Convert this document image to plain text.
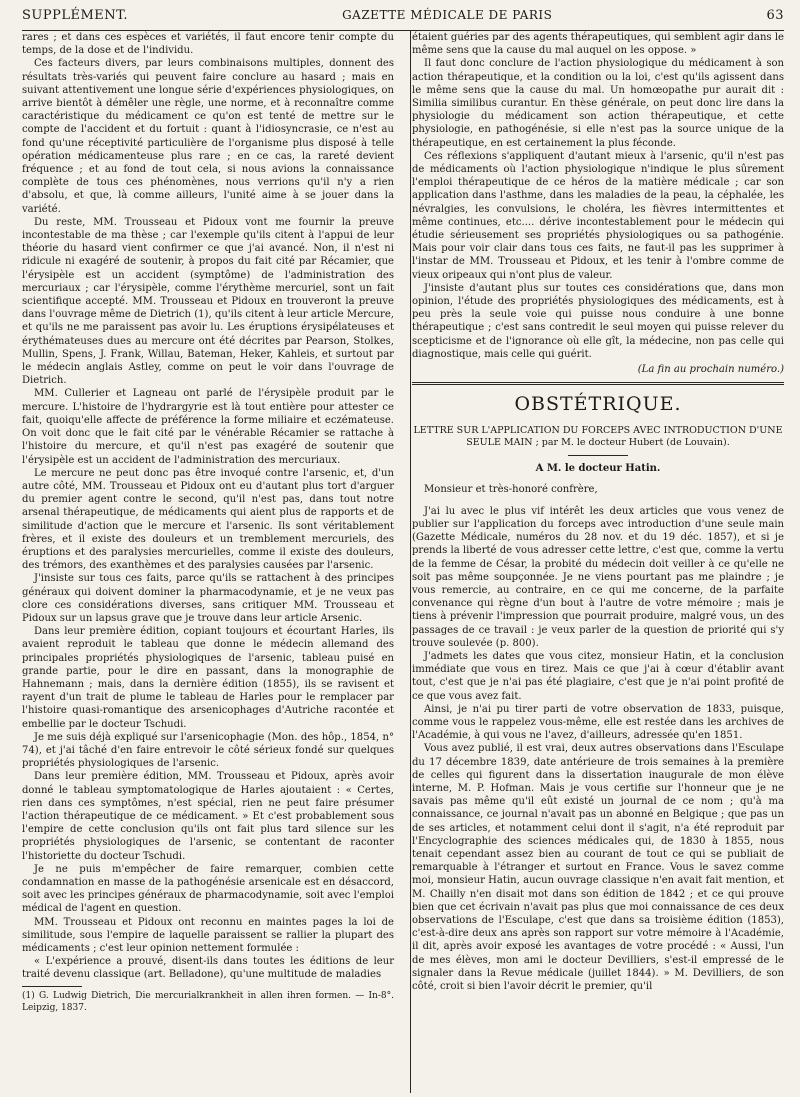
SUPPLÉMENT.	GAZETTE MÉDICALE DE PARIS	63

rares ; et dans ces espèces et variétés, il faut encore tenir compte du temps, de la dose et de l'individu.

Ces facteurs divers, par leurs combinaisons multiples, donnent des résultats très-variés qui peuvent faire conclure au hasard ; mais en suivant attentivement une longue série d'expériences physiologiques, on arrive bientôt à démêler une règle, une norme, et à reconnaître comme caractéristique du médicament ce qu'on est tenté de mettre sur le compte de l'accident et du fortuit : quant à l'idiosyncrasie, ce n'est au fond qu'une réceptivité particulière de l'organisme plus disposé à telle opération médicamenteuse plus rare ; en ce cas, la rareté devient fréquence ; et au fond de tout cela, si nous avions la connaissance complète de tous ces phénomènes, nous verrions qu'il n'y a rien d'absolu, et que, là comme ailleurs, l'unité aime à se jouer dans la variété.

Du reste, MM. Trousseau et Pidoux vont me fournir la preuve incontestable de ma thèse ; car l'exemple qu'ils citent à l'appui de leur théorie du hasard vient confirmer ce que j'ai avancé. Non, il n'est ni ridicule ni exagéré de soutenir, à propos du fait cité par Récamier, que l'érysipèle est un accident (symptôme) de l'administration des mercuriaux ; car l'érysipèle, comme l'érythème mercuriel, sont un fait scientifique accepté. MM. Trousseau et Pidoux en trouveront la preuve dans l'ouvrage même de Dietrich (1), qu'ils citent à leur article Mercure, et qu'ils ne me paraissent pas avoir lu. Les éruptions érysipélateuses et érythémateuses dues au mercure ont été décrites par Pearson, Stolkes, Mullin, Spens, J. Frank, Willau, Bateman, Heker, Kahleis, et surtout par le médecin anglais Astley, comme on peut le voir dans l'ouvrage de Dietrich.

MM. Cullerier et Lagneau ont parlé de l'érysipèle produit par le mercure. L'histoire de l'hydrargyrie est là tout entière pour attester ce fait, quoiqu'elle affecte de préférence la forme miliaire et eczémateuse. On voit donc que le fait cité par le vénérable Récamier se rattache à l'histoire du mercure, et qu'il n'est pas exagéré de soutenir que l'érysipèle est un accident de l'administration des mercuriaux.

Le mercure ne peut donc pas être invoqué contre l'arsenic, et, d'un autre côté, MM. Trousseau et Pidoux ont eu d'autant plus tort d'arguer du premier agent contre le second, qu'il n'est pas, dans tout notre arsenal thérapeutique, de médicaments qui aient plus de rapports et de similitude d'action que le mercure et l'arsenic. Ils sont véritablement frères, et il existe des douleurs et un tremblement mercuriels, des éruptions et des paralysies mercurielles, comme il existe des douleurs, des trémors, des exanthèmes et des paralysies causées par l'arsenic.

J'insiste sur tous ces faits, parce qu'ils se rattachent à des principes généraux qui doivent dominer la pharmacodynamie, et je ne veux pas clore ces considérations diverses, sans critiquer MM. Trousseau et Pidoux sur un lapsus grave que je trouve dans leur article Arsenic.

Dans leur première édition, copiant toujours et écourtant Harles, ils avaient reproduit le tableau que donne le médecin allemand des principales propriétés physiologiques de l'arsenic, tableau puisé en grande partie, pour le dire en passant, dans la monographie de Hahnemann ; mais, dans la dernière édition (1855), ils se ravisent et rayent d'un trait de plume le tableau de Harles pour le remplacer par l'histoire quasi-romantique des arsenicophages d'Autriche racontée et embellie par le docteur Tschudi.

Je me suis déjà expliqué sur l'arsenicophagie (Mon. des hôp., 1854, n° 74), et j'ai tâché d'en faire entrevoir le côté sérieux fondé sur quelques propriétés physiologiques de l'arsenic.

Dans leur première édition, MM. Trousseau et Pidoux, après avoir donné le tableau symptomatologique de Harles ajoutaient : « Certes, rien dans ces symptômes, n'est spécial, rien ne peut faire présumer l'action thérapeutique de ce médicament. » Et c'est probablement sous l'empire de cette conclusion qu'ils ont fait plus tard silence sur les propriétés physiologiques de l'arsenic, se contentant de raconter l'historiette du docteur Tschudi.

Je ne puis m'empêcher de faire remarquer, combien cette condamnation en masse de la pathogénésie arsenicale est en désaccord, soit avec les principes généraux de pharmacodynamie, soit avec l'emploi médical de l'agent en question.

MM. Trousseau et Pidoux ont reconnu en maintes pages la loi de similitude, sous l'empire de laquelle paraissent se rallier la plupart des médicaments ; c'est leur opinion nettement formulée :

« L'expérience a prouvé, disent-ils dans toutes les éditions de leur traité devenu classique (art. Belladone), qu'une multitude de maladies

(1) G. Ludwig Dietrich, Die mercurialkrankheit in allen ihren formen. — In-8°. Leipzig, 1837.

étaient guéries par des agents thérapeutiques, qui semblent agir dans le même sens que la cause du mal auquel on les oppose. »

Il faut donc conclure de l'action physiologique du médicament à son action thérapeutique, et la condition ou la loi, c'est qu'ils agissent dans le même sens que la cause du mal. Un homœopathe pur aurait dit : Similia similibus curantur. En thèse générale, on peut donc lire dans la physiologie du médicament son action thérapeutique, et cette physiologie, en pathogénésie, si elle n'est pas la source unique de la thérapeutique, en est certainement la plus féconde.

Ces réflexions s'appliquent d'autant mieux à l'arsenic, qu'il n'est pas de médicaments où l'action physiologique n'indique le plus sûrement l'emploi thérapeutique de ce héros de la matière médicale ; car son application dans l'asthme, dans les maladies de la peau, la céphalée, les névralgies, les convulsions, le choléra, les fièvres intermittentes et même continues, etc.... dérive incontestablement pour le médecin qui étudie sérieusement ses propriétés physiologiques ou sa pathogénie. Mais pour voir clair dans tous ces faits, ne faut-il pas les supprimer à l'instar de MM. Trousseau et Pidoux, et les tenir à l'ombre comme de vieux oripeaux qui n'ont plus de valeur.

J'insiste d'autant plus sur toutes ces considérations que, dans mon opinion, l'étude des propriétés physiologiques des médicaments, est à peu près la seule voie qui puisse nous conduire à une bonne thérapeutique ; c'est sans contredit le seul moyen qui puisse relever du scepticisme et de l'ignorance où elle gît, la médecine, non pas celle qui diagnostique, mais celle qui guérit.

(La fin au prochain numéro.)

OBSTÉTRIQUE.

LETTRE SUR L'APPLICATION DU FORCEPS AVEC INTRODUCTION D'UNE SEULE MAIN ; par M. le docteur Hubert (de Louvain).

A M. le docteur Hatin.

Monsieur et très-honoré confrère,

J'ai lu avec le plus vif intérêt les deux articles que vous venez de publier sur l'application du forceps avec introduction d'une seule main (Gazette Médicale, numéros du 28 nov. et du 19 déc. 1857), et si je prends la liberté de vous adresser cette lettre, c'est que, comme la vertu de la femme de César, la probité du médecin doit veiller à ce qu'elle ne soit pas même soupçonnée. Je ne viens pourtant pas me plaindre ; je vous remercie, au contraire, en ce qui me concerne, de la parfaite convenance qui règne d'un bout à l'autre de votre mémoire ; mais je tiens à prévenir l'impression que pourrait produire, malgré vous, un des passages de ce travail : je veux parler de la question de priorité qui s'y trouve soulevée (p. 800).

J'admets les dates que vous citez, monsieur Hatin, et la conclusion immédiate que vous en tirez. Mais ce que j'ai à cœur d'établir avant tout, c'est que je n'ai pas été plagiaire, c'est que je n'ai point profité de ce que vous avez fait.

Ainsi, je n'ai pu tirer parti de votre observation de 1833, puisque, comme vous le rappelez vous-même, elle est restée dans les archives de l'Académie, à qui vous ne l'avez, d'ailleurs, adressée qu'en 1851.

Vous avez publié, il est vrai, deux autres observations dans l'Esculape du 17 décembre 1839, date antérieure de trois semaines à la première de celles qui figurent dans la dissertation inaugurale de mon élève interne, M. P. Hofman. Mais je vous certifie sur l'honneur que je ne savais pas même qu'il eût existé un journal de ce nom ; qu'à ma connaissance, ce journal n'avait pas un abonné en Belgique ; que pas un de ses articles, et notamment celui dont il s'agit, n'a été reproduit par l'Encyclographie des sciences médicales qui, de 1830 à 1855, nous tenait cependant assez bien au courant de tout ce qui se publiait de remarquable à l'étranger et surtout en France. Vous le savez comme moi, monsieur Hatin, aucun ouvrage classique n'en avait fait mention, et M. Chailly n'en disait mot dans son édition de 1842 ; et ce qui prouve bien que cet écrivain n'avait pas plus que moi connaissance de ces deux observations de l'Esculape, c'est que dans sa troisième édition (1853), c'est-à-dire deux ans après son rapport sur votre mémoire à l'Académie, il dit, après avoir exposé les avantages de votre procédé : « Aussi, l'un de mes élèves, mon ami le docteur Devilliers, s'est-il empressé de le signaler dans la Revue médicale (juillet 1844). » M. Devilliers, de son côté, croit si bien l'avoir décrit le premier, qu'il
